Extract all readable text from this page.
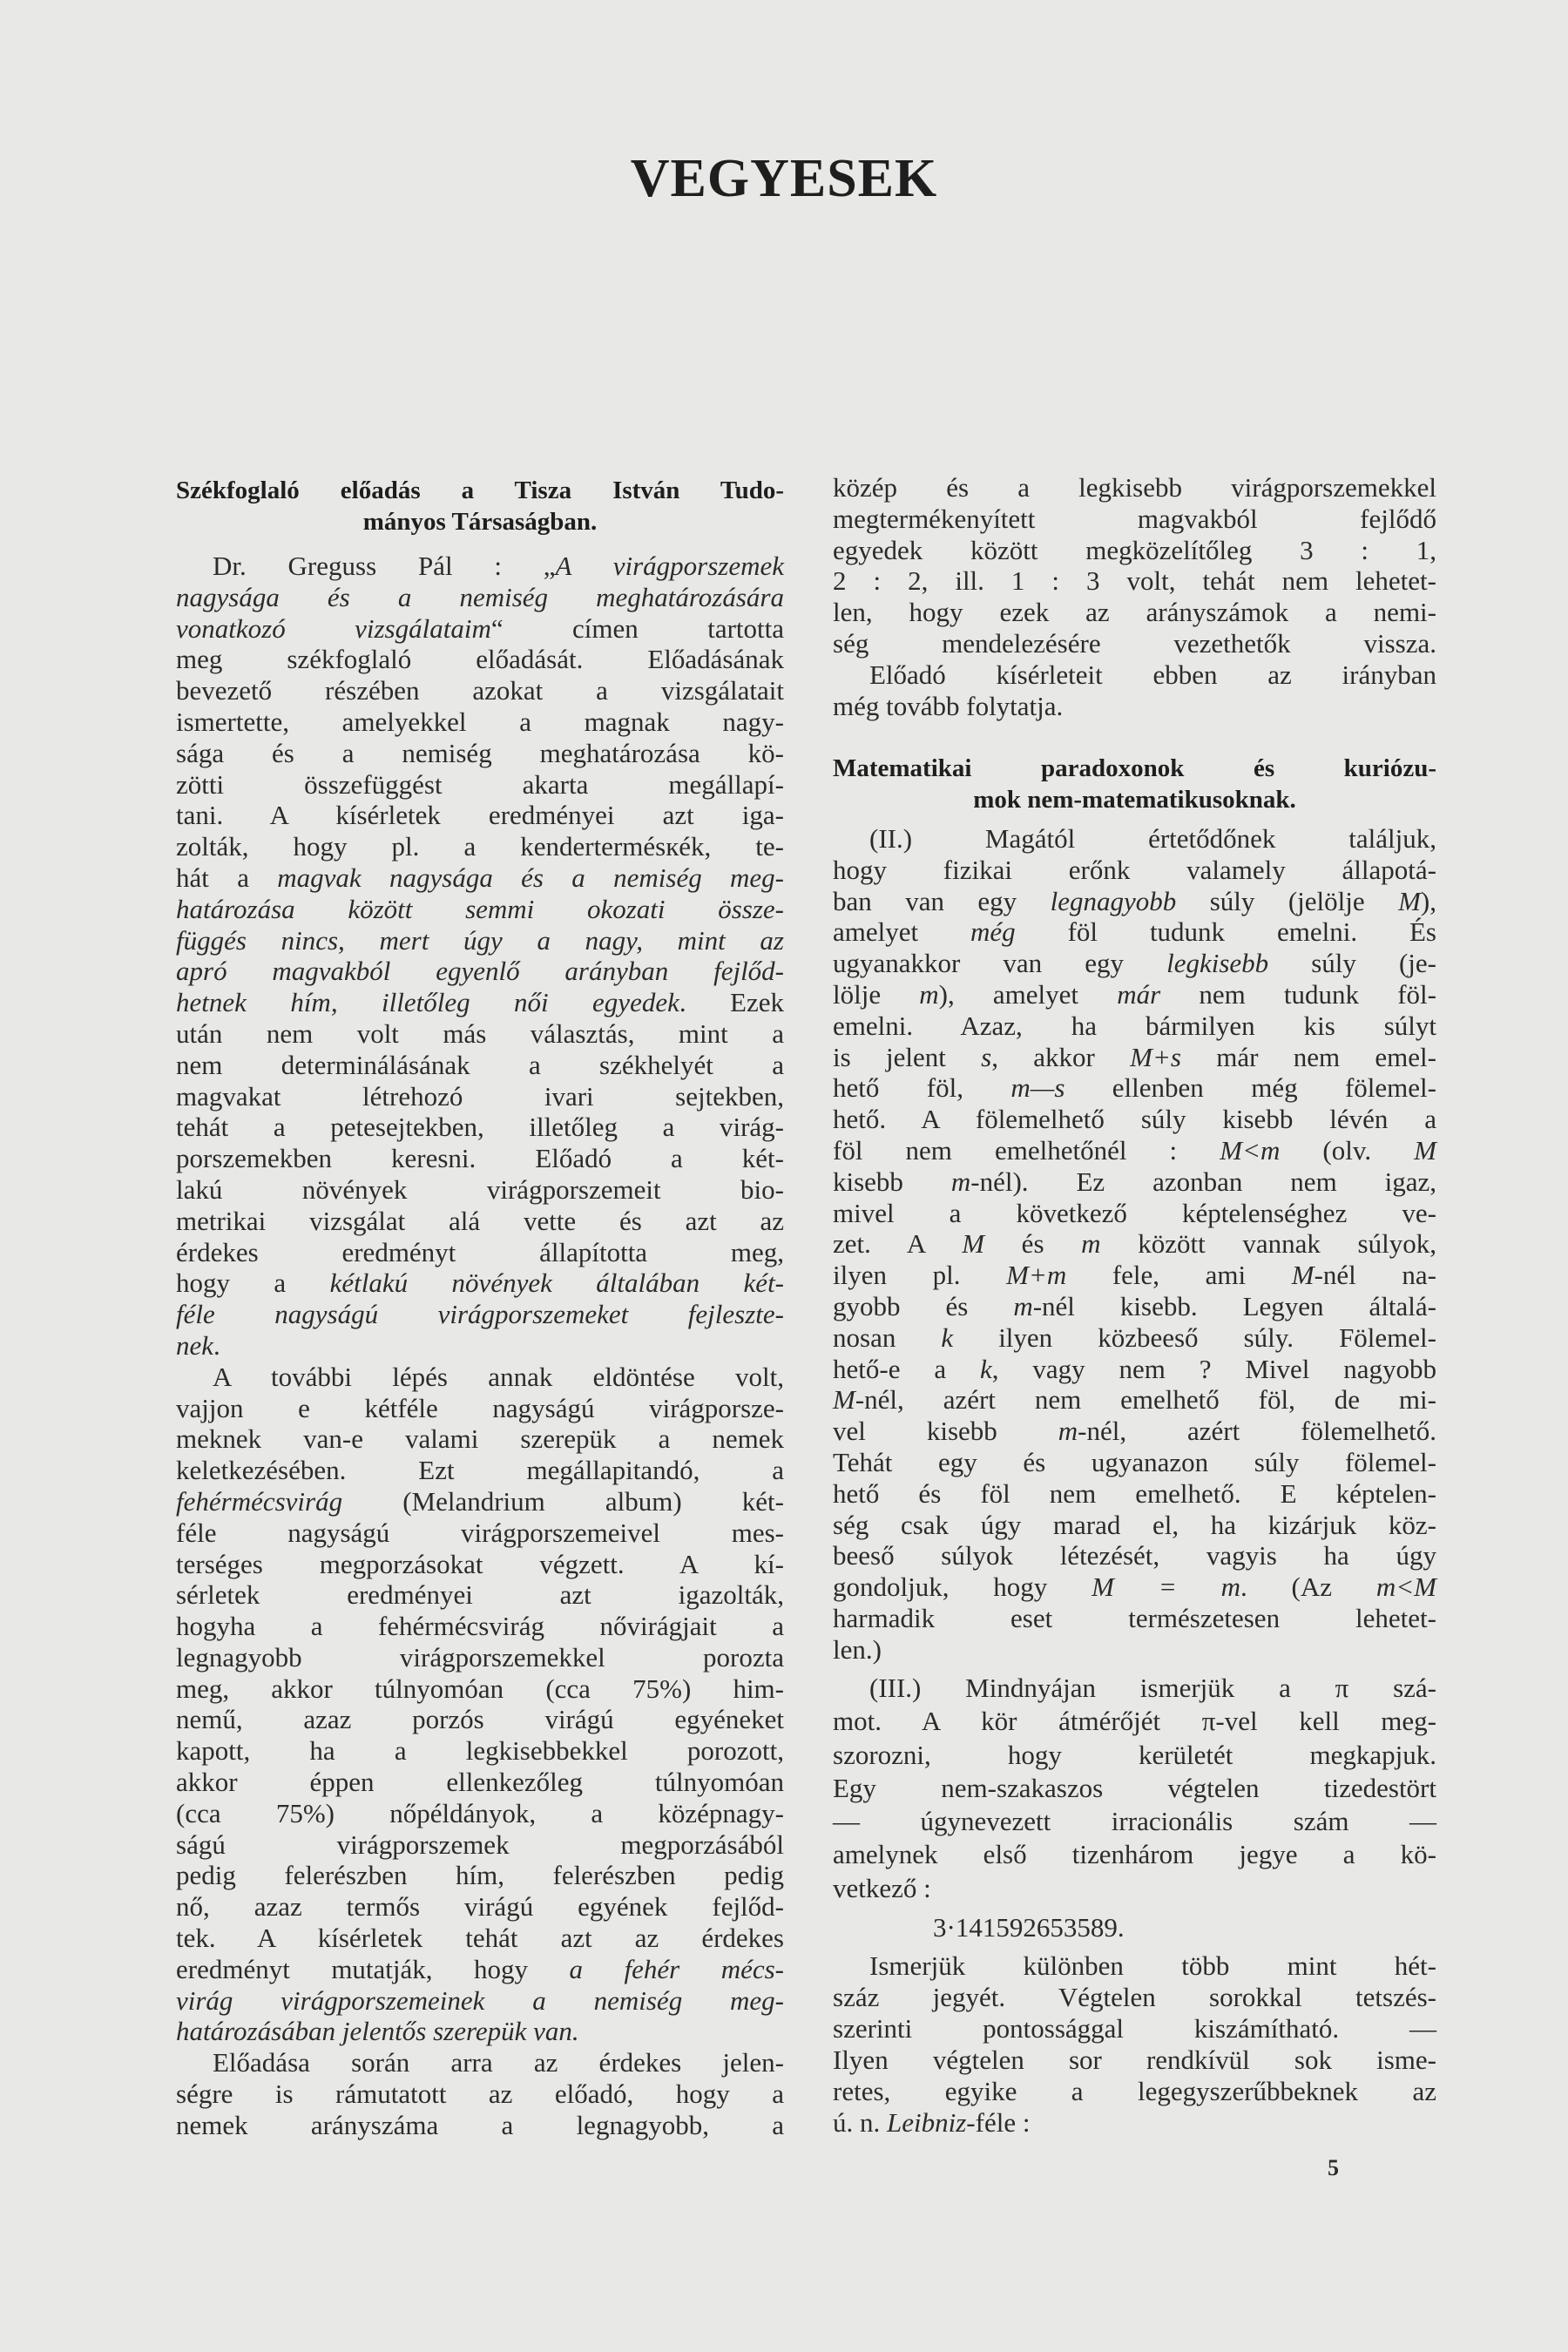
VEGYESEK
Székfoglaló előadás a Tisza István Tudo-
mányos Társaságban.
Dr. Greguss Pál : „A virágporszemek
nagysága és a nemiség meghatározására
vonatkozó vizsgálataim“ címen tartotta
meg székfoglaló előadását. Előadásának
bevezető részében azokat a vizsgálatait
ismertette, amelyekkel a magnak nagy-
sága és a nemiség meghatározása kö-
zötti összefüggést akarta megállapí-
tani. A kísérletek eredményei azt iga-
zolták, hogy pl. a kendertermésкék, te-
hát a magvak nagysága és a nemiség meg-
határozása között semmi okozati össze-
függés nincs, mert úgy a nagy, mint az
apró magvakból egyenlő arányban fejlőd-
hetnek hím, illetőleg női egyedek. Ezek
után nem volt más választás, mint a
nem determinálásának a székhelyét a
magvakat létrehozó ivari sejtekben,
tehát a petesejtekben, illetőleg a virág-
porszemekben keresni. Előadó a két-
lakú növények virágporszemeit bio-
metrikai vizsgálat alá vette és azt az
érdekes eredményt állapította meg,
hogy a kétlakú növények általában két-
féle nagyságú virágporszemeket fejleszte-
nek.
A további lépés annak eldöntése volt,
vajjon e kétféle nagyságú virágporsze-
meknek van-e valami szerepük a nemek
keletkezésében. Ezt megállapitandó, a
fehérmécsvirág (Melandrium album) két-
féle nagyságú virágporszemeivel mes-
terséges megporzásokat végzett. A kí-
sérletek eredményei azt igazolták,
hogyha a fehérmécsvirág nővirágjait a
legnagyobb virágporszemekkel porozta
meg, akkor túlnyomóan (cca 75%) him-
nemű, azaz porzós virágú egyéneket
kapott, ha a legkisebbekkel porozott,
akkor éppen ellenkezőleg túlnyomóan
(cca 75%) nőpéldányok, a középnagy-
ságú virágporszemek megporzásából
pedig felerészben hím, felerészben pedig
nő, azaz termős virágú egyének fejlőd-
tek. A kísérletek tehát azt az érdekes
eredményt mutatják, hogy a fehér mécs-
virág virágporszemeinek a nemiség meg-
határozásában jelentős szerepük van.
Előadása során arra az érdekes jelen-
ségre is rámutatott az előadó, hogy a
nemek arányszáma a legnagyobb, a
közép és a legkisebb virágporszemekkel
megtermékenyített magvakból fejlődő
egyedek között megközelítőleg 3 : 1,
2 : 2, ill. 1 : 3 volt, tehát nem lehetet-
len, hogy ezek az arányszámok a nemi-
ség mendelezésére vezethetők vissza.
Előadó kísérleteit ebben az irányban
még tovább folytatja.
Matematikai paradoxonok és kuriózu-
mok nem-matematikusoknak.
(II.) Magától értetődőnek találjuk,
hogy fizikai erőnk valamely állapotá-
ban van egy legnagyobb súly (jelölje M),
amelyet még föl tudunk emelni. És
ugyanakkor van egy legkisebb súly (je-
lölje m), amelyet már nem tudunk föl-
emelni. Azaz, ha bármilyen kis súlyt
is jelent s, akkor M+s már nem emel-
hető föl, m—s ellenben még fölemel-
hető. A fölemelhető súly kisebb lévén a
föl nem emelhetőnél : M<m (olv. M
kisebb m-nél). Ez azonban nem igaz,
mivel a következő képtelenséghez ve-
zet. A M és m között vannak súlyok,
ilyen pl. M+m fele, ami M-nél na-
gyobb és m-nél kisebb. Legyen általá-
nosan k ilyen közbeeső súly. Fölemel-
hető-e a k, vagy nem ? Mivel nagyobb
M-nél, azért nem emelhető föl, de mi-
vel kisebb m-nél, azért fölemelhető.
Tehát egy és ugyanazon súly fölemel-
hető és föl nem emelhető. E képtelen-
ség csak úgy marad el, ha kizárjuk köz-
beeső súlyok létezését, vagyis ha úgy
gondoljuk, hogy M = m. (Az m<M
harmadik eset természetesen lehetet-
len.)
(III.) Mindnyájan ismerjük a π szá-
mot. A kör átmérőjét π-vel kell meg-
szorozni, hogy kerületét megkapjuk.
Egy nem-szakaszos végtelen tizedestört
— úgynevezett irracionális szám —
amelynek első tizenhárom jegye a kö-
vetkező :
3·141592653589.
Ismerjük különben több mint hét-
száz jegyét. Végtelen sorokkal tetszés-
szerinti pontossággal kiszámítható. —
Ilyen végtelen sor rendkívül sok isme-
retes, egyike a legegyszerűbbeknek az
ú. n. Leibniz-féle :
5
